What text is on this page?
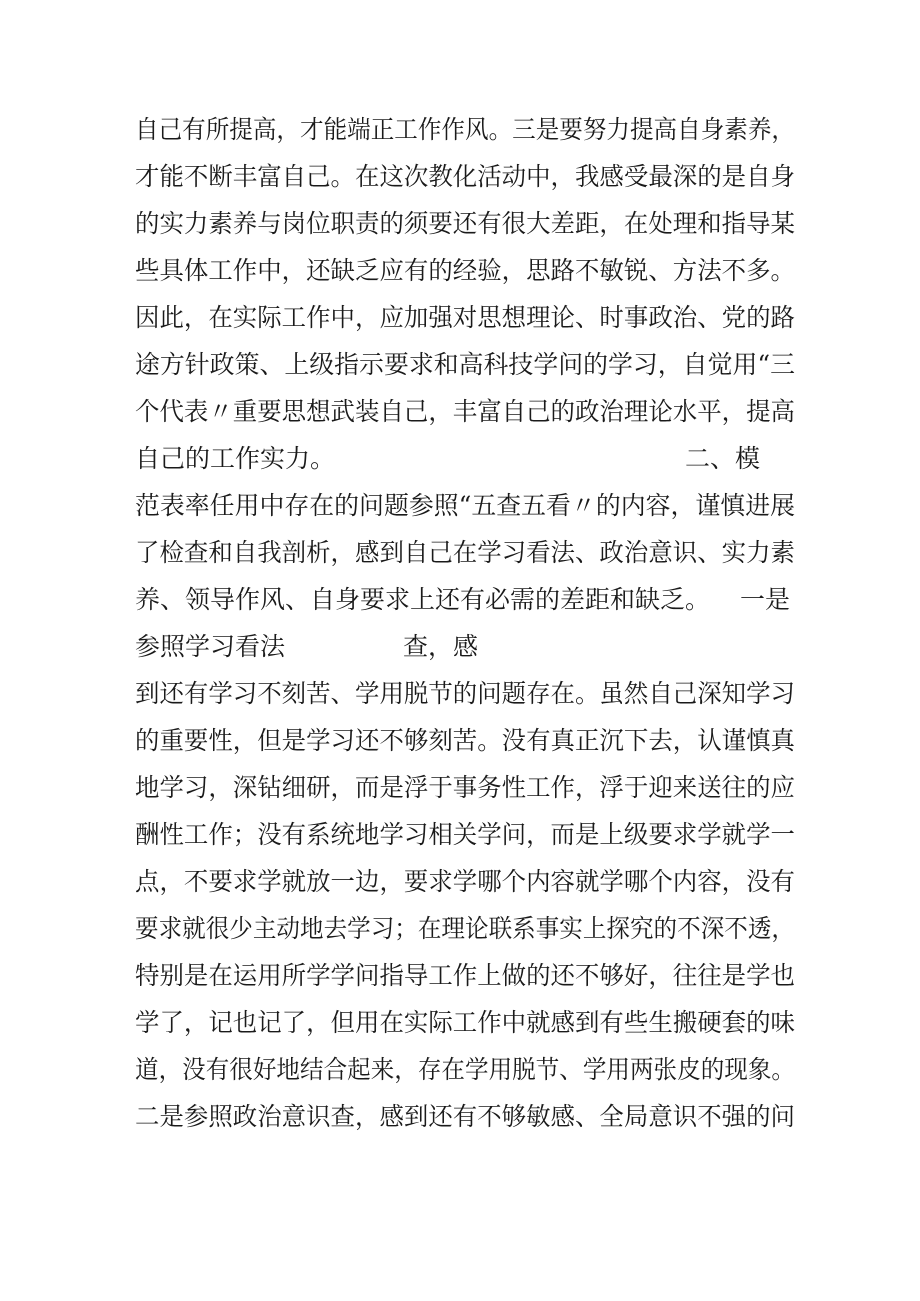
自己有所提高，才能端正工作作风。三是要努力提高自身素养，
才能不断丰富自己。在这次教化活动中，我感受最深的是自身
的实力素养与岗位职责的须要还有很大差距，在处理和指导某
些具体工作中，还缺乏应有的经验，思路不敏锐、方法不多。
因此，在实际工作中，应加强对思想理论、时事政治、党的路
途方针政策、上级指示要求和高科技学问的学习，自觉用“三
个代表〃重要思想武装自己，丰富自己的政治理论水平，提高
自己的工作实力。	二、模
范表率任用中存在的问题参照“五查五看〃的内容，谨慎进展
了检查和自我剖析，感到自己在学习看法、政治意识、实力素
养、领导作风、自身要求上还有必需的差距和缺乏。 一是
参照学习看法	查，感
到还有学习不刻苦、学用脱节的问题存在。虽然自己深知学习
的重要性，但是学习还不够刻苦。没有真正沉下去，认谨慎真
地学习，深钻细研，而是浮于事务性工作，浮于迎来送往的应
酬性工作；没有系统地学习相关学问，而是上级要求学就学一
点，不要求学就放一边，要求学哪个内容就学哪个内容，没有
要求就很少主动地去学习；在理论联系事实上探究的不深不透，
特别是在运用所学学问指导工作上做的还不够好，往往是学也
学了，记也记了，但用在实际工作中就感到有些生搬硬套的味
道，没有很好地结合起来，存在学用脱节、学用两张皮的现象。
二是参照政治意识查，感到还有不够敏感、全局意识不强的问
